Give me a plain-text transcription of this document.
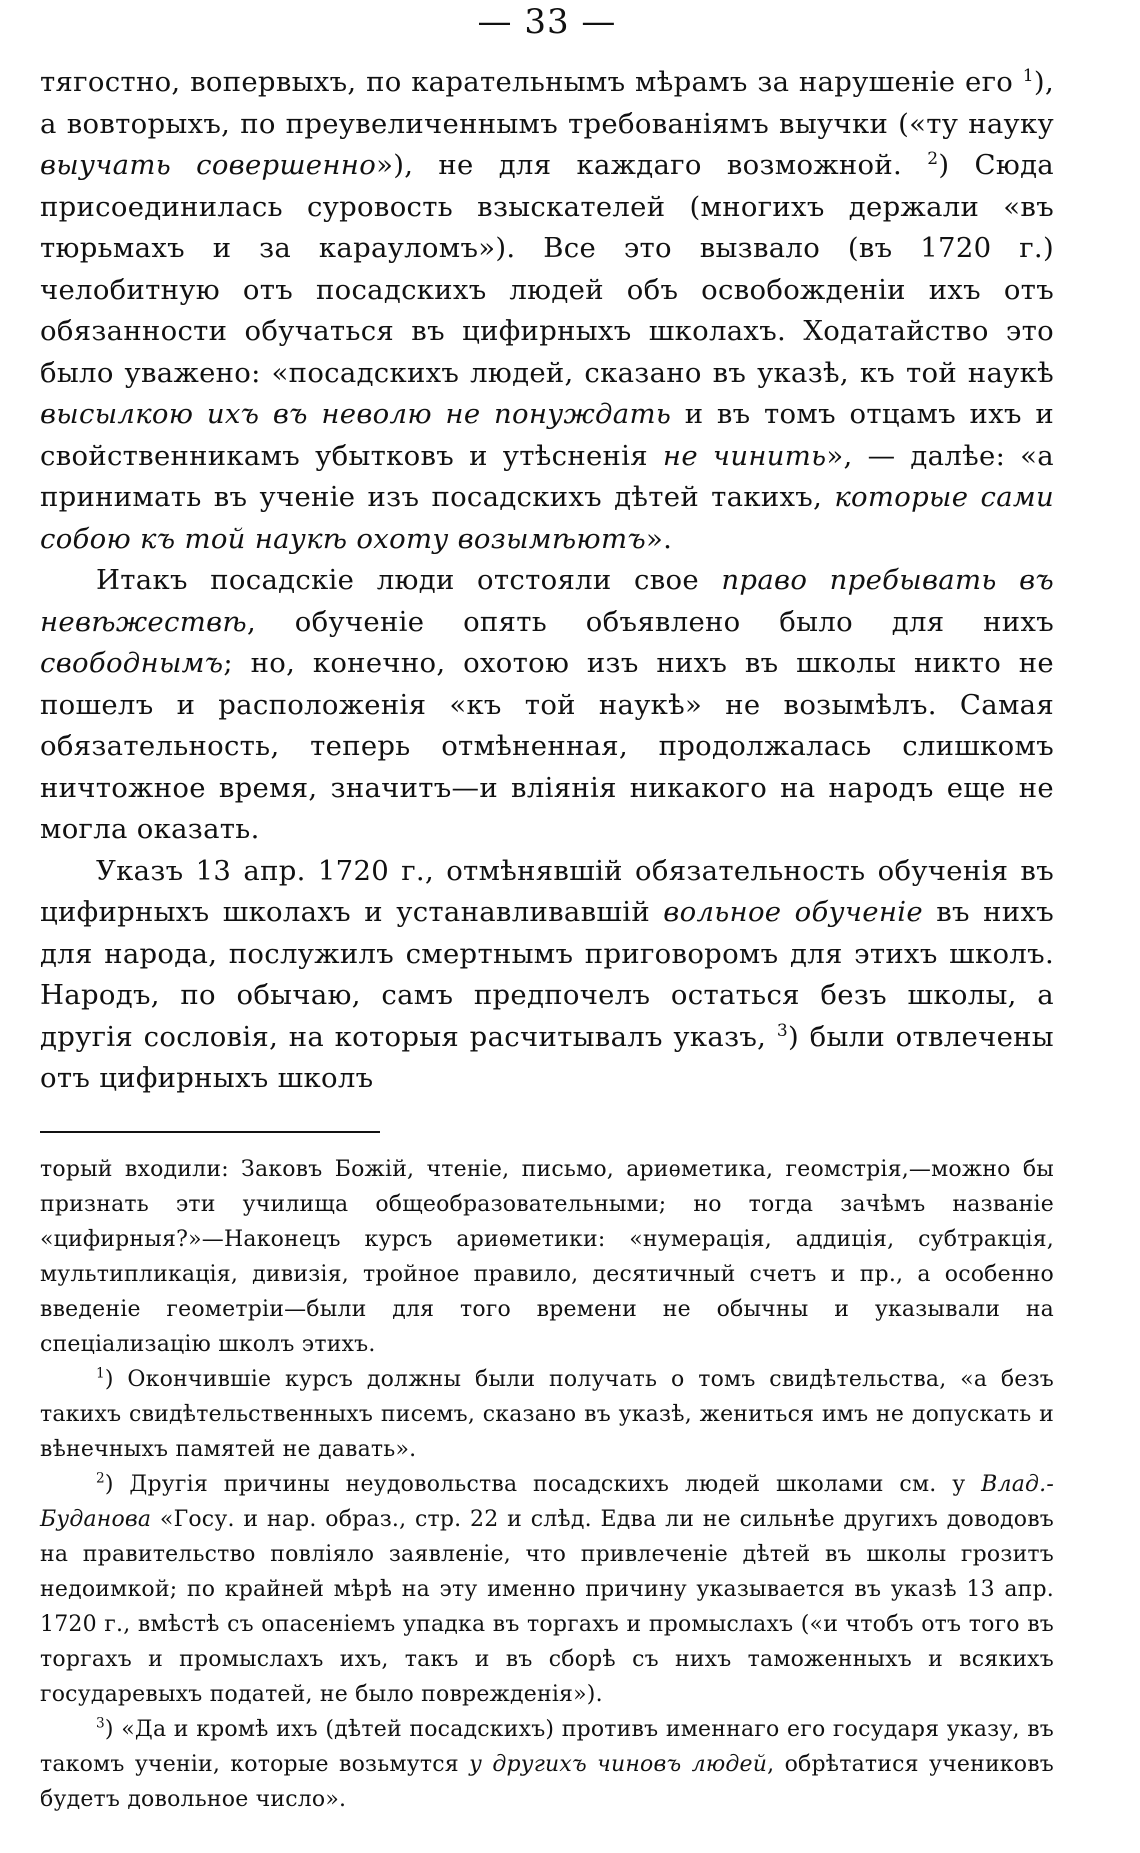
— 33 —

тягостно, вопервыхъ, по карательнымъ мѣрамъ за нарушеніе его $^1$), а вовторыхъ, по преувеличеннымъ требованіямъ выучки («ту науку выучать совершенно»), не для каждаго возможной. $^2$) Сюда присоединилась суровость взыскателей (многихъ держали «въ тюрьмахъ и за карауломъ»). Все это вызвало (въ 1720 г.) челобитную отъ посадскихъ людей объ освобожденіи ихъ отъ обязанности обучаться въ цифирныхъ школахъ. Ходатайство это было уважено: «посадскихъ людей, сказано въ указѣ, къ той наукѣ высылкою ихъ въ неволю не понуждать и въ томъ отцамъ ихъ и свойственникамъ убытковъ и утѣсненія не чинить», — далѣе: «а принимать въ ученіе изъ посадскихъ дѣтей такихъ, которые сами собою къ той наукѣ охоту возымѣютъ».

Итакъ посадскіе люди отстояли свое право пребывать въ невѣжествѣ, обученіе опять объявлено было для нихъ свободнымъ; но, конечно, охотою изъ нихъ въ школы никто не пошелъ и расположенія «къ той наукѣ» не возымѣлъ. Самая обязательность, теперь отмѣненная, продолжалась слишкомъ ничтожное время, значитъ—и вліянія никакого на народъ еще не могла оказать.

Указъ 13 апр. 1720 г., отмѣнявшій обязательность обученія въ цифирныхъ школахъ и устанавливавшій вольное обученіе въ нихъ для народа, послужилъ смертнымъ приговоромъ для этихъ школъ. Народъ, по обычаю, самъ предпочелъ остаться безъ школы, а другія сословія, на которыя расчитывалъ указъ, $^3$) были отвлечены отъ цифирныхъ школъ

торый входили: Заковъ Божій, чтеніе, письмо, ариѳметика, геомстрія,—можно бы признать эти училища общеобразовательными; но тогда зачѣмъ названіе «цифирныя?»—Наконецъ курсъ ариѳметики: «нумерація, аддиція, субтракція, мультипликація, дивизія, тройное правило, десятичный счетъ и пр., а особенно введеніе геометріи—были для того времени не обычны и указывали на спеціализацію школъ этихъ.

$^1$) Окончившіе курсъ должны были получать о томъ свидѣтельства, «а безъ такихъ свидѣтельственныхъ писемъ, сказано въ указѣ, жениться имъ не допускать и вѣнечныхъ памятей не давать».

$^2$) Другія причины неудовольства посадскихъ людей школами см. у Влад.-Буданова «Госу. и нар. образ., стр. 22 и слѣд. Едва ли не сильнѣе другихъ доводовъ на правительство повліяло заявленіе, что привлеченіе дѣтей въ школы грозитъ недоимкой; по крайней мѣрѣ на эту именно причину указывается въ указѣ 13 апр. 1720 г., вмѣстѣ съ опасеніемъ упадка въ торгахъ и промыслахъ («и чтобъ отъ того въ торгахъ и промыслахъ ихъ, такъ и въ сборѣ съ нихъ таможенныхъ и всякихъ государевыхъ податей, не было поврежденія»).

$^3$) «Да и кромѣ ихъ (дѣтей посадскихъ) противъ именнаго его государя указу, въ такомъ ученіи, которые возьмутся у другихъ чиновъ людей, обрѣтатися учениковъ будетъ довольное число».
